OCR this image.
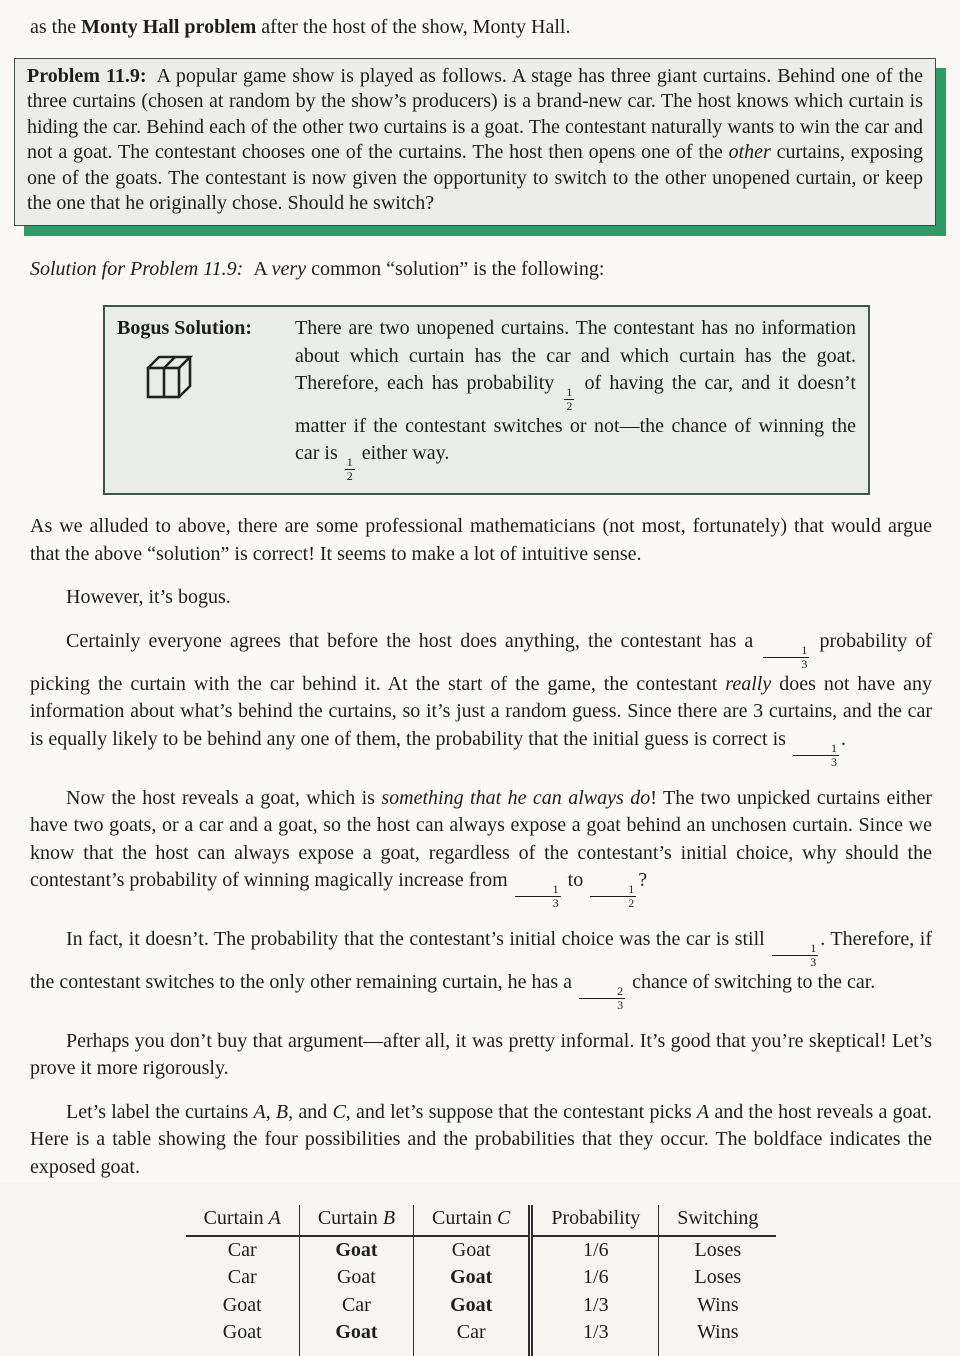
as the Monty Hall problem after the host of the show, Monty Hall.

Problem 11.9: A popular game show is played as follows. A stage has three giant curtains. Behind one of the three curtains (chosen at random by the show’s producers) is a brand-new car. The host knows which curtain is hiding the car. Behind each of the other two curtains is a goat. The contestant naturally wants to win the car and not a goat. The contestant chooses one of the curtains. The host then opens one of the other curtains, exposing one of the goats. The contestant is now given the opportunity to switch to the other unopened curtain, or keep the one that he originally chose. Should he switch?

Solution for Problem 11.9: A very common “solution” is the following:

Bogus Solution:	There are two unopened curtains. The contestant has no information about which curtain has the car and which curtain has the goat. Therefore, each has probability
$\frac{1}{2}$
of having the car, and it doesn’t matter if the contestant switches or not—the chance of winning the car is
$\frac{1}{2}$
either way.

As we alluded to above, there are some professional mathematicians (not most, fortunately) that would argue that the above “solution” is correct! It seems to make a lot of intuitive sense.

However, it’s bogus.

Certainly everyone agrees that before the host does anything, the contestant has a
$\frac{1}{3}$
probability of picking the curtain with the car behind it. At the start of the game, the contestant really does not have any information about what’s behind the curtains, so it’s just a random guess. Since there are 3 curtains, and the car is equally likely to be behind any one of them, the probability that the initial guess is correct is
$\frac{1}{3}$
.

Now the host reveals a goat, which is something that he can always do! The two unpicked curtains either have two goats, or a car and a goat, so the host can always expose a goat behind an unchosen curtain. Since we know that the host can always expose a goat, regardless of the contestant’s initial choice, why should the contestant’s probability of winning magically increase from
$\frac{1}{3}$
to
$\frac{1}{2}$
?

In fact, it doesn’t. The probability that the contestant’s initial choice was the car is still
$\frac{1}{3}$
. Therefore, if the contestant switches to the only other remaining curtain, he has a
$\frac{2}{3}$
chance of switching to the car.

Perhaps you don’t buy that argument—after all, it was pretty informal. It’s good that you’re skeptical! Let’s prove it more rigorously.

Let’s label the curtains A, B, and C, and let’s suppose that the contestant picks A and the host reveals a goat. Here is a table showing the four possibilities and the probabilities that they occur. The boldface indicates the exposed goat.

Curtain A	Curtain B	Curtain C	Probability	Switching
Car	Goat	Goat	1/6	Loses
Car	Goat	Goat	1/6	Loses
Goat	Car	Goat	1/3	Wins
Goat	Goat	Car	1/3	Wins
